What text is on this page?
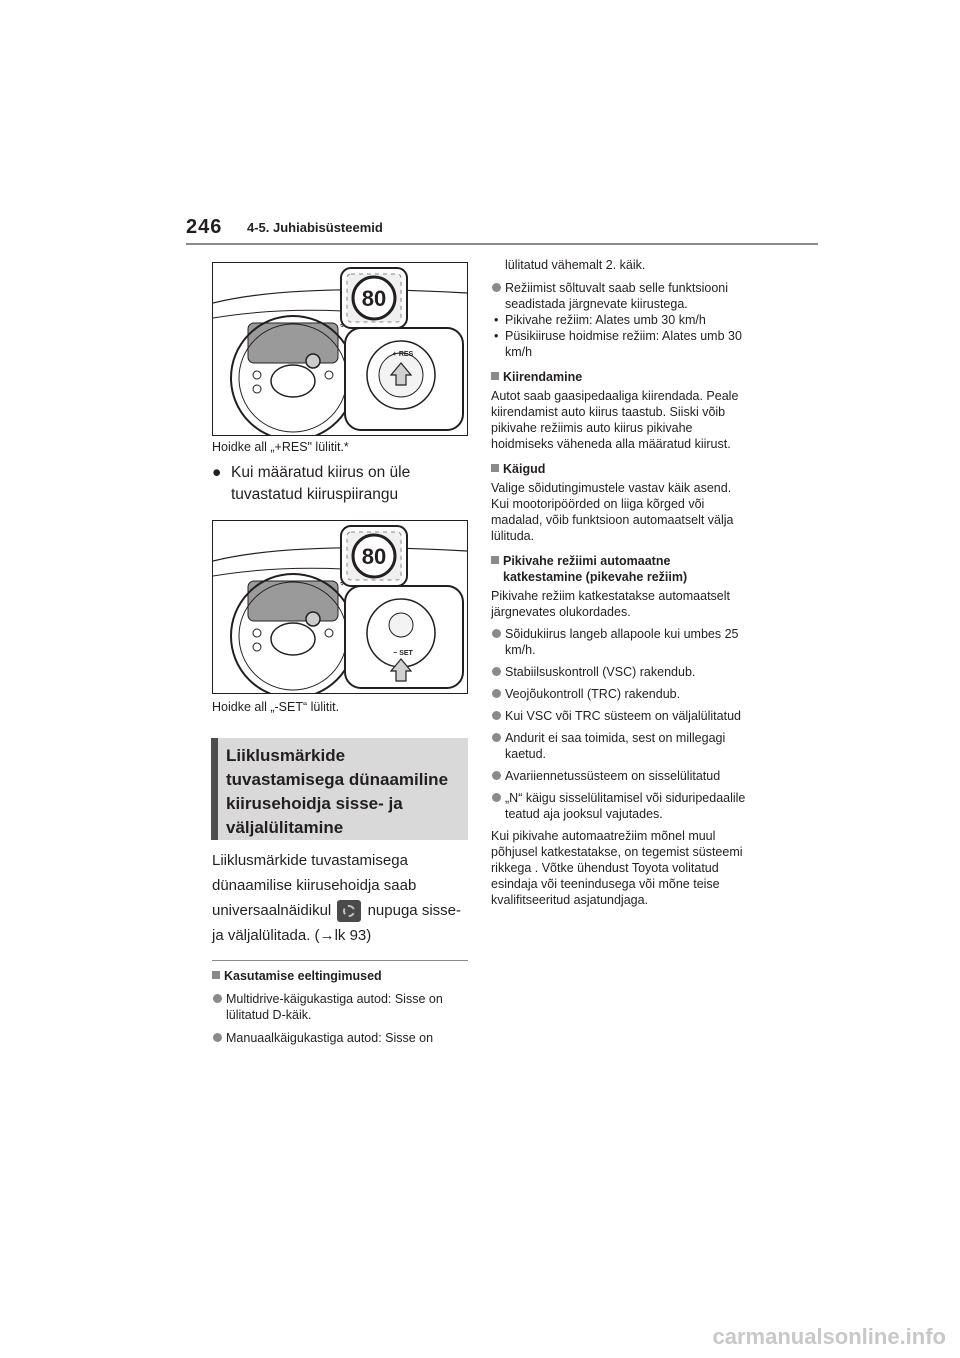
246 4-5. Juhiabisüsteemid
80
+ RES
Hoidke all „+RES" lülitit.*
● Kui määratud kiirus on üle tuvastatud kiiruspiirangu
80
− SET
Hoidke all „-SET“ lülitit.
Liiklusmärkide tuvastamisega dünaamiline kiirusehoidja sisse- ja väljalülitamine
Liiklusmärkide tuvastamisega dünaamilise kiirusehoidja saab universaalnäidikul nupuga sisse- ja väljalülitada. (→lk 93)

Kasutamise eeltingimused

Multidrive-käigukastiga autod: Sisse on lülitatud D-käik.

Manuaalkäigukastiga autod: Sisse on

lülitatud vähemalt 2. käik.

Režiimist sõltuvalt saab selle funktsiooni seadistada järgnevate kiirustega.

• Pikivahe režiim: Alates umb 30 km/h

• Püsikiiruse hoidmise režiim: Alates umb 30 km/h

Kiirendamine

Autot saab gaasipedaaliga kiirendada. Peale kiirendamist auto kiirus taastub. Siiski võib pikivahe režiimis auto kiirus pikivahe hoidmiseks väheneda alla määratud kiirust.

Käigud

Valige sõidutingimustele vastav käik asend. Kui mootoripöörded on liiga kõrged või madalad, võib funktsioon automaatselt välja lülituda.

Pikivahe režiimi automaatne katkestamine (pikevahe režiim)

Pikivahe režiim katkestatakse automaatselt järgnevates olukordades.

Sõidukiirus langeb allapoole kui umbes 25 km/h.

Stabiilsuskontroll (VSC) rakendub.

Veojõukontroll (TRC) rakendub.

Kui VSC või TRC süsteem on väljalülitatud

Andurit ei saa toimida, sest on millegagi kaetud.

Avariiennetussüsteem on sisselülitatud

„N“ käigu sisselülitamisel või siduripedaalile teatud aja jooksul vajutades.

Kui pikivahe automaatrežiim mõnel muul põhjusel katkestatakse, on tegemist süsteemi rikkega . Võtke ühendust Toyota volitatud esindaja või teenindusega või mõne teise kvalifitseeritud asjatundjaga.

carmanualsonline.info
